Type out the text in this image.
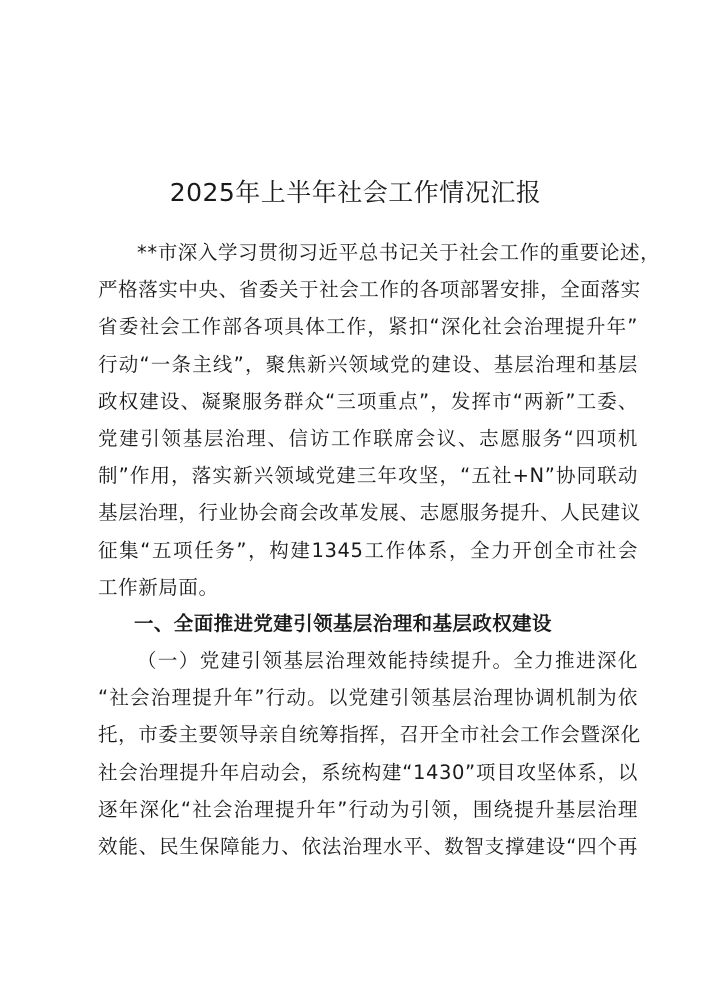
2025年上半年社会工作情况汇报
**市深入学习贯彻习近平总书记关于社会工作的重要论述，
严格落实中央、省委关于社会工作的各项部署安排，全面落实
省委社会工作部各项具体工作，紧扣“深化社会治理提升年”
行动“一条主线”，聚焦新兴领域党的建设、基层治理和基层
政权建设、凝聚服务群众“三项重点”，发挥市“两新”工委、
党建引领基层治理、信访工作联席会议、志愿服务“四项机
制”作用，落实新兴领域党建三年攻坚，“五社+N”协同联动
基层治理，行业协会商会改革发展、志愿服务提升、人民建议
征集“五项任务”，构建1345工作体系，全力开创全市社会
工作新局面。
一、全面推进党建引领基层治理和基层政权建设
（一）党建引领基层治理效能持续提升。全力推进深化
“社会治理提升年”行动。以党建引领基层治理协调机制为依
托，市委主要领导亲自统筹指挥，召开全市社会工作会暨深化
社会治理提升年启动会，系统构建“1430”项目攻坚体系，以
逐年深化“社会治理提升年”行动为引领，围绕提升基层治理
效能、民生保障能力、依法治理水平、数智支撑建设“四个再
